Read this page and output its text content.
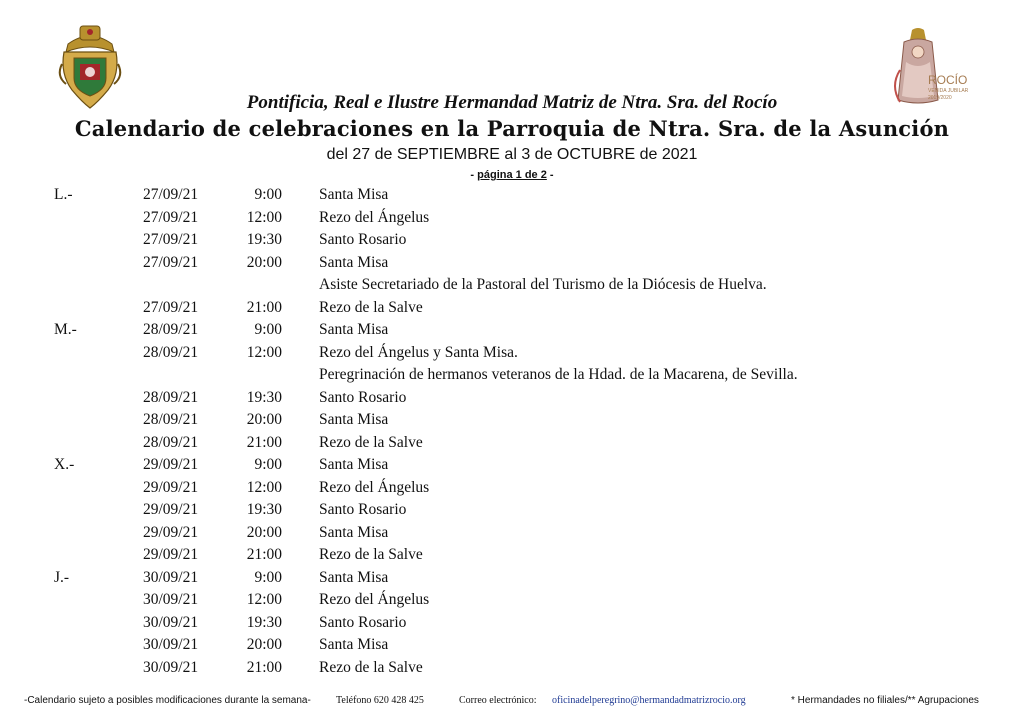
ROCÍO
VENIDA JUBILAR
2019/2020
Pontificia, Real e Ilustre Hermandad Matriz de Ntra. Sra. del Rocío
Calendario de celebraciones en la Parroquia de Ntra. Sra. de la Asunción
del 27 de SEPTIEMBRE al 3 de OCTUBRE de 2021
- página 1 de 2 -
L.-	27/09/21	9:00 Santa Misa
27/09/21	12:00 Rezo del Ángelus
27/09/21	19:30 Santo Rosario
27/09/21	20:00 Santa Misa
Asiste Secretariado de la Pastoral del Turismo de la Diócesis de Huelva.
27/09/21	21:00 Rezo de la Salve
M.-	28/09/21	9:00 Santa Misa
28/09/21	12:00 Rezo del Ángelus y Santa Misa.
Peregrinación de hermanos veteranos de la Hdad. de la Macarena, de Sevilla.
28/09/21	19:30 Santo Rosario
28/09/21	20:00 Santa Misa
28/09/21	21:00 Rezo de la Salve
X.-	29/09/21	9:00 Santa Misa
29/09/21	12:00 Rezo del Ángelus
29/09/21	19:30 Santo Rosario
29/09/21	20:00 Santa Misa
29/09/21	21:00 Rezo de la Salve
J.-	30/09/21	9:00 Santa Misa
30/09/21	12:00 Rezo del Ángelus
30/09/21	19:30 Santo Rosario
30/09/21	20:00 Santa Misa
30/09/21	21:00 Rezo de la Salve
-Calendario sujeto a posibles modificaciones durante la semana-	Teléfono 620 428 425	Correo electrónico: oficinadelperegrino@hermandadmatrizrocio.org	* Hermandades no filiales/** Agrupaciones
